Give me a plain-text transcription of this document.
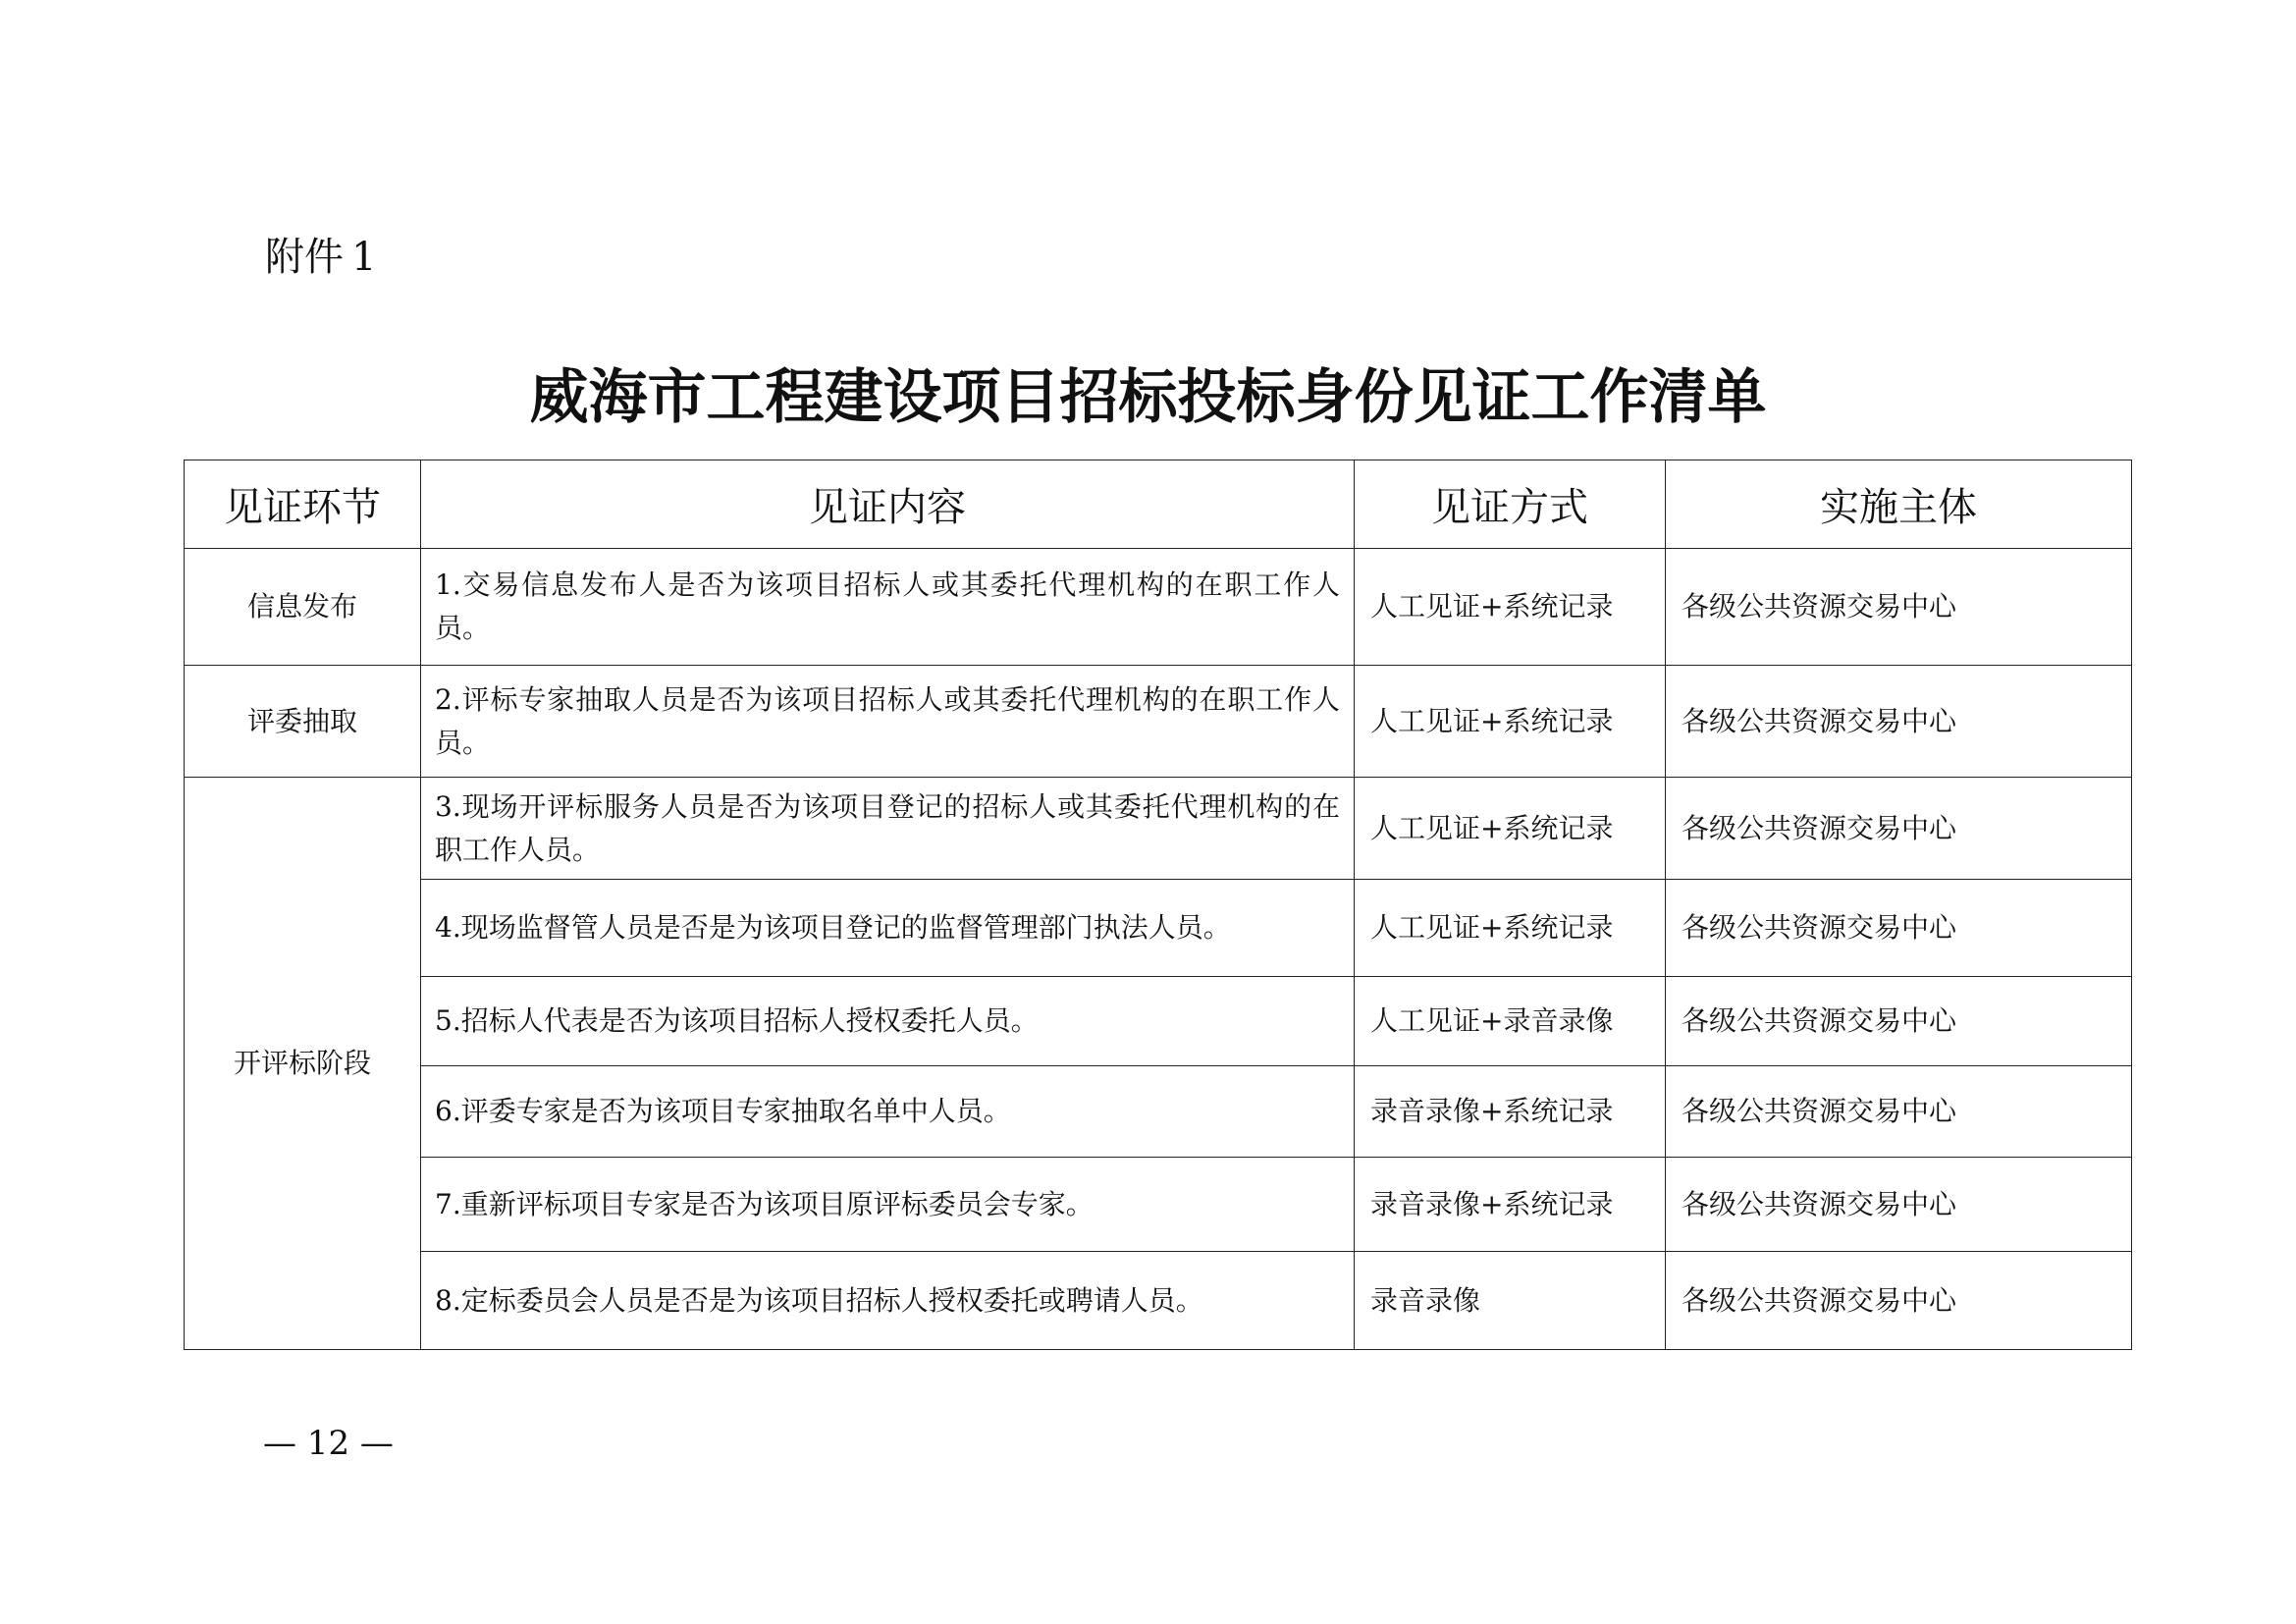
附件 1
威海市工程建设项目招标投标身份见证工作清单
见证环节	见证内容	见证方式	实施主体
信息发布	1.交易信息发布人是否为该项目招标人或其委托代理机构的在职工作人员。	人工见证+系统记录	各级公共资源交易中心
评委抽取	2.评标专家抽取人员是否为该项目招标人或其委托代理机构的在职工作人员。	人工见证+系统记录	各级公共资源交易中心
开评标阶段	3.现场开评标服务人员是否为该项目登记的招标人或其委托代理机构的在职工作人员。	人工见证+系统记录	各级公共资源交易中心
	4.现场监督管人员是否是为该项目登记的监督管理部门执法人员。	人工见证+系统记录	各级公共资源交易中心
	5.招标人代表是否为该项目招标人授权委托人员。	人工见证+录音录像	各级公共资源交易中心
	6.评委专家是否为该项目专家抽取名单中人员。	录音录像+系统记录	各级公共资源交易中心
	7.重新评标项目专家是否为该项目原评标委员会专家。	录音录像+系统记录	各级公共资源交易中心
	8.定标委员会人员是否是为该项目招标人授权委托或聘请人员。	录音录像	各级公共资源交易中心
— 12 —
